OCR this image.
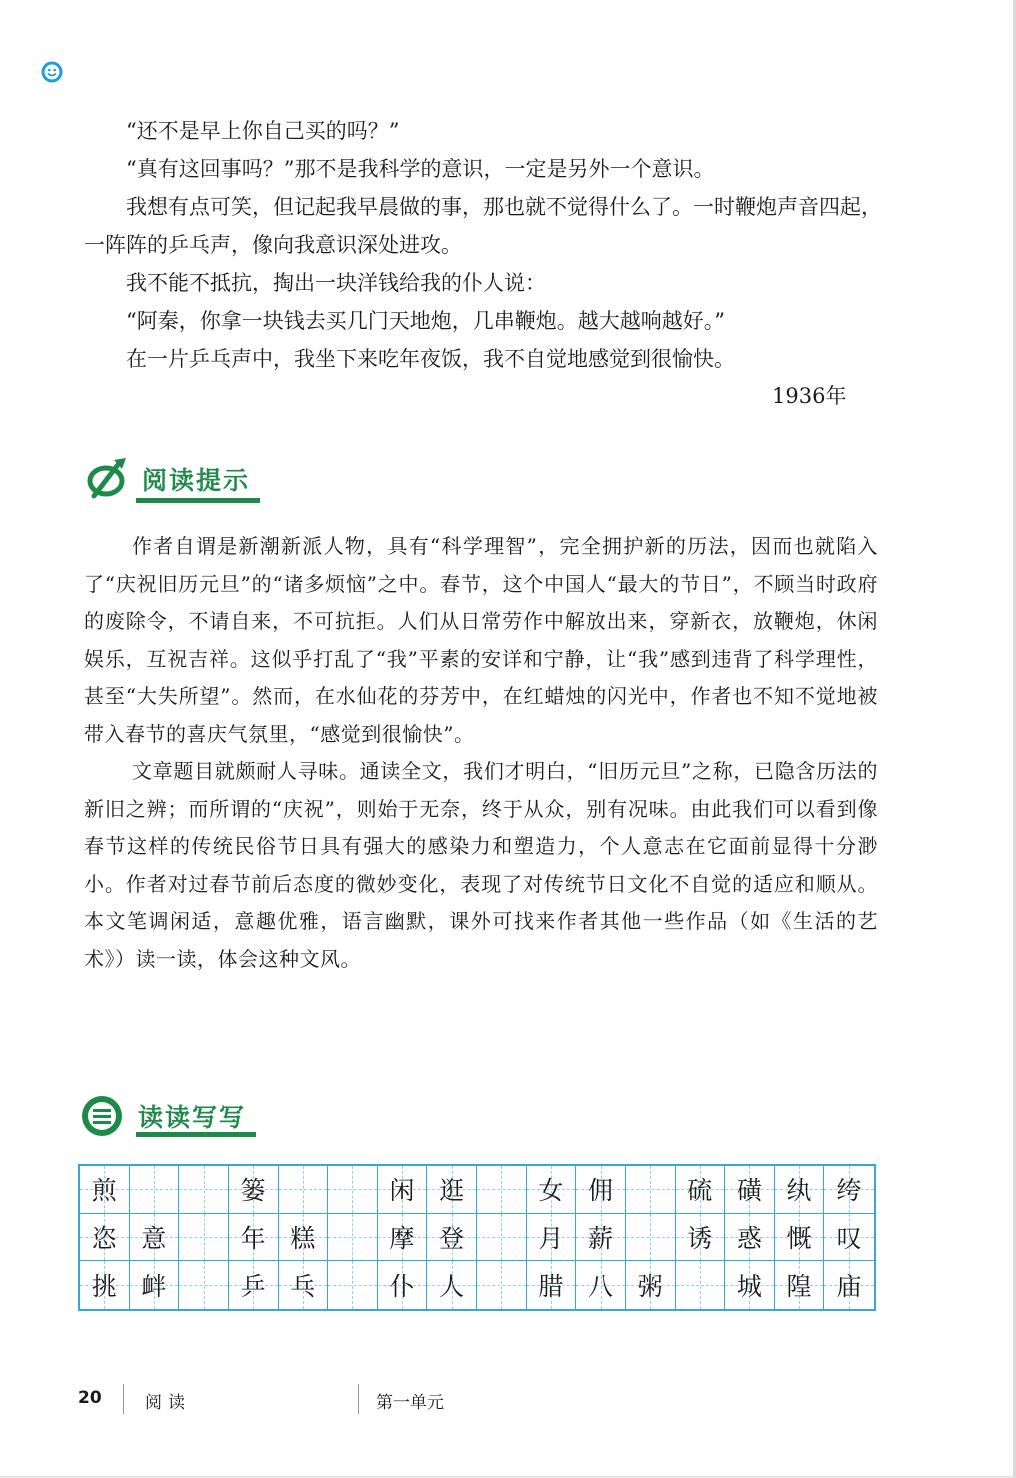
“还不是早上你自己买的吗？”

“真有这回事吗？”那不是我科学的意识，一定是另外一个意识。

我想有点可笑，但记起我早晨做的事，那也就不觉得什么了。一时鞭炮声音四起，一阵阵的乒乓声，像向我意识深处进攻。

我不能不抵抗，掏出一块洋钱给我的仆人说：

“阿秦，你拿一块钱去买几门天地炮，几串鞭炮。越大越响越好。”

在一片乒乓声中，我坐下来吃年夜饭，我不自觉地感觉到很愉快。

1936年
阅读提示

作者自谓是新潮新派人物，具有“科学理智”，完全拥护新的历法，因而也就陷入了“庆祝旧历元旦”的“诸多烦恼”之中。春节，这个中国人“最大的节日”，不顾当时政府的废除令，不请自来，不可抗拒。人们从日常劳作中解放出来，穿新衣，放鞭炮，休闲娱乐，互祝吉祥。这似乎打乱了“我”平素的安详和宁静，让“我”感到违背了科学理性，甚至“大失所望”。然而，在水仙花的芬芳中，在红蜡烛的闪光中，作者也不知不觉地被带入春节的喜庆气氛里，“感觉到很愉快”。

文章题目就颇耐人寻味。通读全文，我们才明白，“旧历元旦”之称，已隐含历法的新旧之辨；而所谓的“庆祝”，则始于无奈，终于从众，别有况味。由此我们可以看到像春节这样的传统民俗节日具有强大的感染力和塑造力，个人意志在它面前显得十分渺小。作者对过春节前后态度的微妙变化，表现了对传统节日文化不自觉的适应和顺从。本文笔调闲适，意趣优雅，语言幽默，课外可找来作者其他一些作品（如《生活的艺术》）读一读，体会这种文风。

读读写写
煎	篓	闲 逛	女 佣	硫 磺 纨 绔
恣 意	年 糕	摩 登	月 薪	诱 惑 慨 叹
挑 衅	乒 乓	仆 人	腊 八 粥	城 隍 庙
20	阅读	第一单元
